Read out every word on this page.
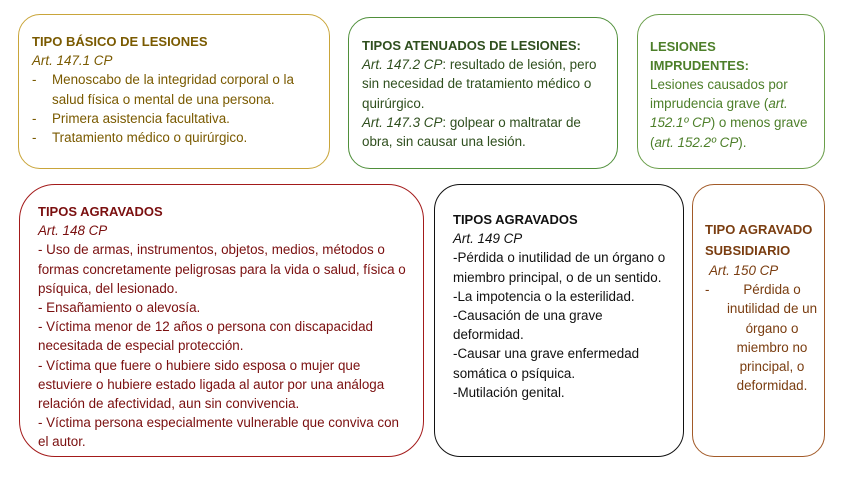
TIPO BÁSICO DE LESIONES
Art. 147.1 CP
- Menoscabo de la integridad corporal o la salud física o mental de una persona.
- Primera asistencia facultativa.
- Tratamiento médico o quirúrgico.
TIPOS ATENUADOS DE LESIONES:
Art. 147.2 CP: resultado de lesión, pero sin necesidad de tratamiento médico o quirúrgico.
Art. 147.3 CP: golpear o maltratar de obra, sin causar una lesión.
LESIONES IMPRUDENTES:
Lesiones causados por imprudencia grave (art. 152.1º CP) o menos grave (art. 152.2º CP).
TIPOS AGRAVADOS
Art. 148 CP
- Uso de armas, instrumentos, objetos, medios, métodos o formas concretamente peligrosas para la vida o salud, física o psíquica, del lesionado.
- Ensañamiento o alevosía.
- Víctima menor de 12 años o persona con discapacidad necesitada de especial protección.
- Víctima que fuere o hubiere sido esposa o mujer que estuviere o hubiere estado ligada al autor por una análoga relación de afectividad, aun sin convivencia.
- Víctima persona especialmente vulnerable que conviva con el autor.
TIPOS AGRAVADOS
Art. 149 CP
-Pérdida o inutilidad de un órgano o miembro principal, o de un sentido.
-La impotencia o la esterilidad.
-Causación de una grave deformidad.
-Causar una grave enfermedad somática o psíquica.
-Mutilación genital.
TIPO AGRAVADO SUBSIDIARIO
Art. 150 CP
- Pérdida o inutilidad de un órgano o miembro no principal, o deformidad.
